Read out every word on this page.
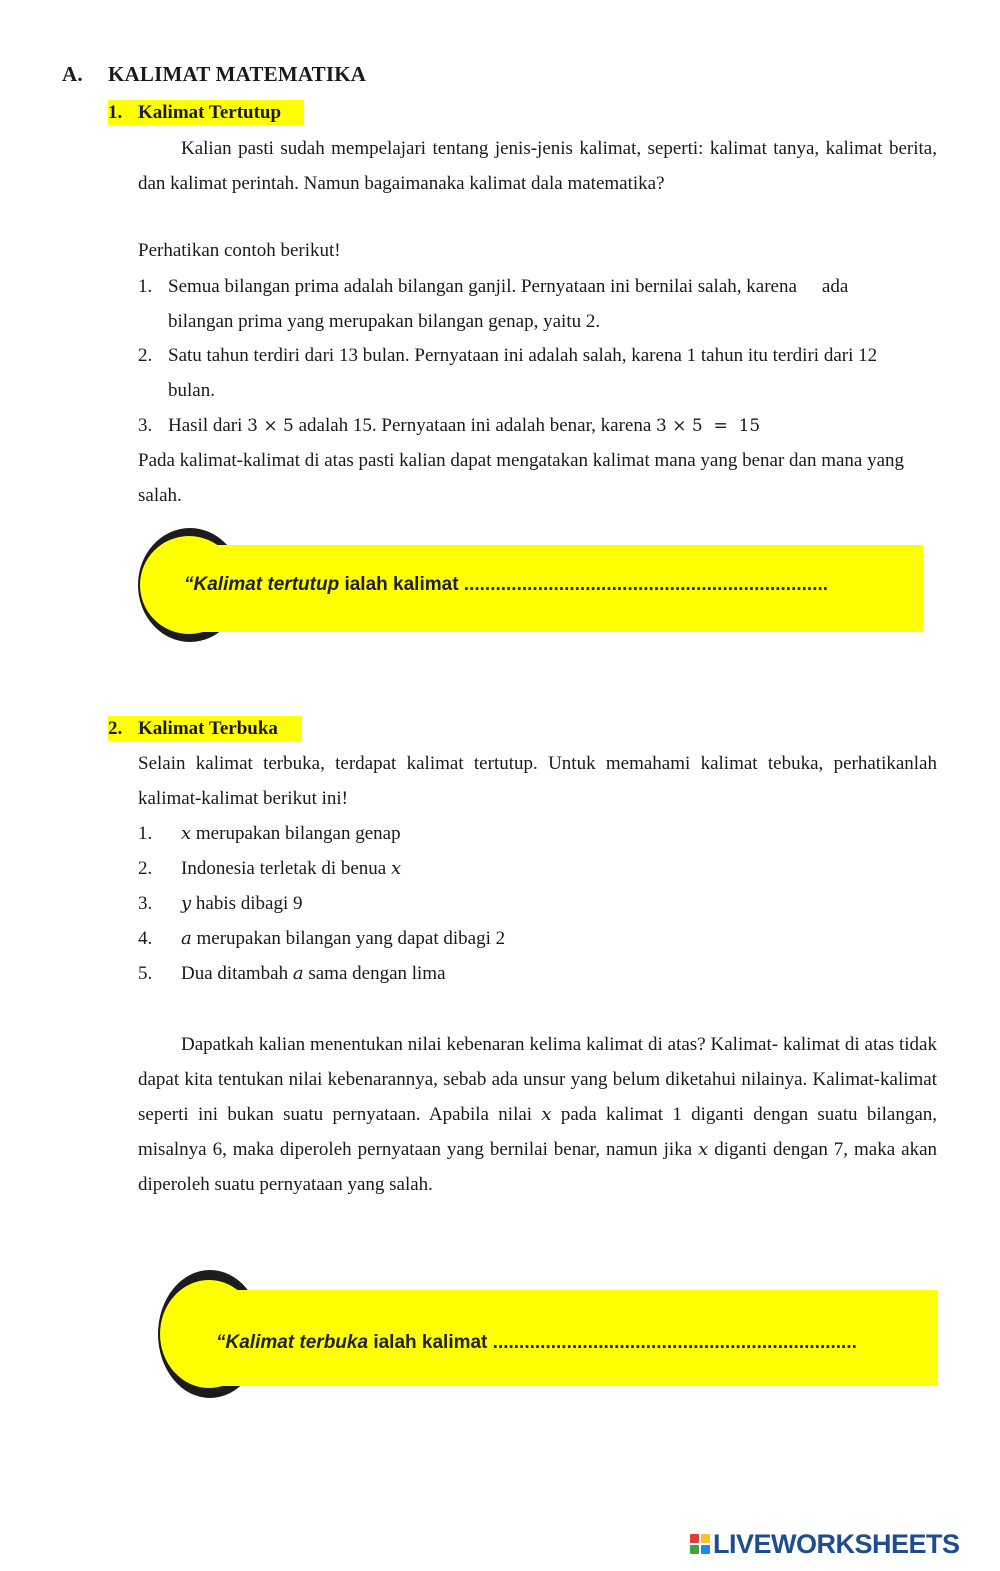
A. KALIMAT MATEMATIKA
1. Kalimat Tertutup
Kalian pasti sudah mempelajari tentang jenis-jenis kalimat, seperti: kalimat tanya, kalimat berita, dan kalimat perintah. Namun bagaimanaka kalimat dala matematika?
Perhatikan contoh berikut!
1. Semua bilangan prima adalah bilangan ganjil. Pernyataan ini bernilai salah, karena ada
bilangan prima yang merupakan bilangan genap, yaitu 2.
2. Satu tahun terdiri dari 13 bulan. Pernyataan ini adalah salah, karena 1 tahun itu terdiri dari 12
bulan.
3. Hasil dari 3 × 5 adalah 15. Pernyataan ini adalah benar, karena 3 × 5  =  15
Pada kalimat-kalimat di atas pasti kalian dapat mengatakan kalimat mana yang benar dan mana yang salah.
“Kalimat tertutup ialah kalimat .....................................................................
2. Kalimat Terbuka
Selain kalimat terbuka, terdapat kalimat tertutup. Untuk memahami kalimat tebuka, perhatikanlah kalimat-kalimat berikut ini!
1. x merupakan bilangan genap
2. Indonesia terletak di benua x
3. y habis dibagi 9
4. a merupakan bilangan yang dapat dibagi 2
5. Dua ditambah a sama dengan lima
Dapatkah kalian menentukan nilai kebenaran kelima kalimat di atas? Kalimat- kalimat di atas tidak dapat kita tentukan nilai kebenarannya, sebab ada unsur yang belum diketahui nilainya. Kalimat-kalimat seperti ini bukan suatu pernyataan. Apabila nilai x pada kalimat 1 diganti dengan suatu bilangan, misalnya 6, maka diperoleh pernyataan yang bernilai benar, namun jika x diganti dengan 7, maka akan diperoleh suatu pernyataan yang salah.
“Kalimat terbuka ialah kalimat .....................................................................
LIVEWORKSHEETS
